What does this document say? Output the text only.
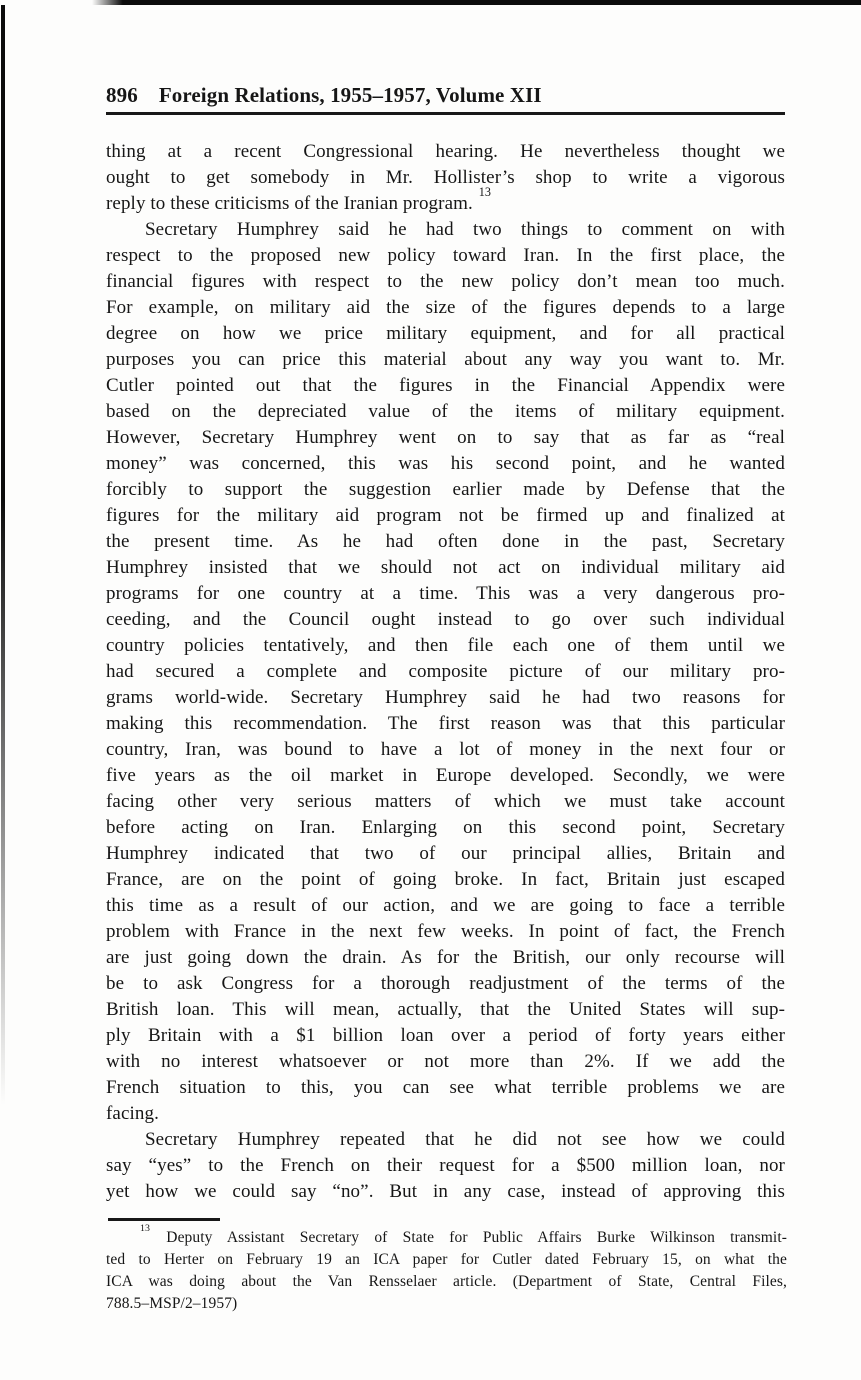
896 Foreign Relations, 1955–1957, Volume XII
thing at a recent Congressional hearing. He nevertheless thought we
ought to get somebody in Mr. Hollister’s shop to write a vigorous
reply to these criticisms of the Iranian program. $^{13}$
Secretary Humphrey said he had two things to comment on with
respect to the proposed new policy toward Iran. In the first place, the
financial figures with respect to the new policy don’t mean too much.
For example, on military aid the size of the figures depends to a large
degree on how we price military equipment, and for all practical
purposes you can price this material about any way you want to. Mr.
Cutler pointed out that the figures in the Financial Appendix were
based on the depreciated value of the items of military equipment.
However, Secretary Humphrey went on to say that as far as “real
money” was concerned, this was his second point, and he wanted
forcibly to support the suggestion earlier made by Defense that the
figures for the military aid program not be firmed up and finalized at
the present time. As he had often done in the past, Secretary
Humphrey insisted that we should not act on individual military aid
programs for one country at a time. This was a very dangerous pro-
ceeding, and the Council ought instead to go over such individual
country policies tentatively, and then file each one of them until we
had secured a complete and composite picture of our military pro-
grams world-wide. Secretary Humphrey said he had two reasons for
making this recommendation. The first reason was that this particular
country, Iran, was bound to have a lot of money in the next four or
five years as the oil market in Europe developed. Secondly, we were
facing other very serious matters of which we must take account
before acting on Iran. Enlarging on this second point, Secretary
Humphrey indicated that two of our principal allies, Britain and
France, are on the point of going broke. In fact, Britain just escaped
this time as a result of our action, and we are going to face a terrible
problem with France in the next few weeks. In point of fact, the French
are just going down the drain. As for the British, our only recourse will
be to ask Congress for a thorough readjustment of the terms of the
British loan. This will mean, actually, that the United States will sup-
ply Britain with a $1 billion loan over a period of forty years either
with no interest whatsoever or not more than 2%. If we add the
French situation to this, you can see what terrible problems we are
facing.
Secretary Humphrey repeated that he did not see how we could
say “yes” to the French on their request for a $500 million loan, nor
yet how we could say “no”. But in any case, instead of approving this
$^{13}$ Deputy Assistant Secretary of State for Public Affairs Burke Wilkinson transmit-
ted to Herter on February 19 an ICA paper for Cutler dated February 15, on what the
ICA was doing about the Van Rensselaer article. (Department of State, Central Files,
788.5–MSP/2–1957)
